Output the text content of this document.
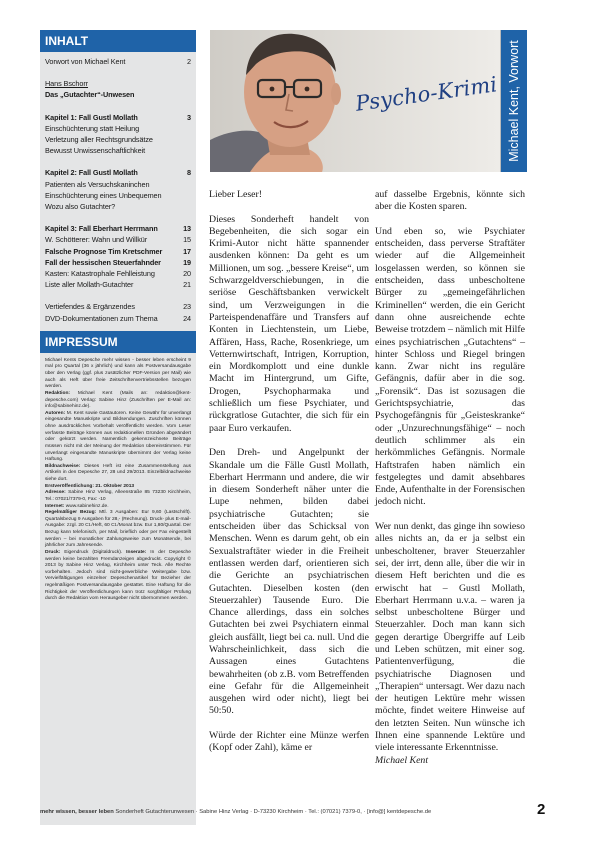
INHALT
Vorwort von Michael Kent	2
Hans Bschorr
Das „Gutachter“-Unwesen
Kapitel 1: Fall Gustl Mollath	3
Einschüchterung statt Heilung
Verletzung aller Rechtsgrundsätze
Bewusst Unwissenschaftlichkeit
Kapitel 2: Fall Gustl Mollath	8
Patienten als Versuchskaninchen
Einschüchterung eines Unbequemen
Wozu also Gutachter?
Kapitel 3: Fall Eberhart Herrmann	13
W. Schötterer: Wahn und Willkür	15
Falsche Prognose Tim Kretschmer	17
Fall der hessischen Steuerfahnder	19
Kasten: Katastrophale Fehlleistung	20
Liste aller Mollath-Gutachter	21
Vertiefendes & Ergänzendes	23
DVD-Dokumentationen zum Thema	24
IMPRESSUM

Michael Kents Depesche mehr wissen - besser leben erscheint 9 mal pro Quartal (36 x jährlich) und kann als Postversandausgabe über den Verlag (ggf. plus zusätzlicher PDF-Version per Mail) wie auch als Heft über freie Zeitschriftenvertriebsstellen bezogen werden.

Redaktion: Michael Kent (Mails an: redaktion@kent-depesche.com) Verlag: Sabine Hinz (Zuschriften per E-Mail an: info@sabinehinz.de).

Autoren: M. Kent sowie Gastautoren. Keine Gewähr für unverlangt eingesandte Manuskripte und Bildsendungen. Zuschriften können ohne ausdrückliches Vorbehalt veröffentlicht werden. Vom Leser verfasste Beiträge können aus redaktionellen Gründen abgeändert oder gekürzt werden. Namentlich gekennzeichnete Beiträge müssen nicht mit der Meinung der Redaktion übereinstimmen. Für unverlangt eingesandte Manuskripte übernimmt der Verlag keine Haftung.

Bildnachweise: Dieses Heft ist eine Zusammenstellung aus Artikeln in den Depesche 27, 28 und 29/2013. Einzelbildnachweise siehe dort.

Erstveröffentlichung: 21. Oktober 2013

Adresse: Sabine Hinz Verlag, Alleenstraße 85 73230 Kirchheim, Tel.: 07021/7379-0, Fax: -10

Internet: www.sabinehinz.de.

Regelmäßiger Bezug: Mtl. 3 Ausgaben: Eur 9,60 (Lastschrift). Quartalsbezug 9 Ausgaben für 28,- (Rechnung). Druck- plus E-mail-Ausgabe: zzgl. 20 Ct./Heft, 60 Ct./Monat bzw. Eur 1,80/Quartal. Der Bezug kann telefonisch, per Mail, brieflich oder per Fax eingestellt werden – bei monatlicher Zahlungsweise zum Monatsende, bei jährlicher zum Jahresende.

Druck: Eigendruck (Digitaldruck). Inserate: In der Depesche werden keine bezahlten Fremdanzeigen abgedruckt. Copyright © 2013 by Sabine Hinz Verlag, Kirchheim unter Teck. Alle Rechte vorbehalten. Jedoch sind nicht-gewerbliche Weitergabe bzw. Vervielfältigungen einzelner Depeschenartikel für Bezieher der regelmäßigen Postversandausgabe gestattet. Eine Haftung für die Richtigkeit der Veröffentlichungen kann trotz sorgfältiger Prüfung durch die Redaktion vom Herausgeber nicht übernommen werden.

Psycho-Krimi Michael Kent, Vorwort

Lieber Leser!

Dieses Sonderheft handelt von Begebenheiten, die sich sogar ein Krimi-Autor nicht hätte spannender ausdenken können: Da geht es um Millionen, um sog. „bessere Kreise“, um Schwarzgeldverschiebungen, in die seriöse Geschäftsbanken verwickelt sind, um Verzweigungen in die Parteispendenaffäre und Transfers auf Konten in Liechtenstein, um Liebe, Affären, Hass, Rache, Rosenkriege, um Vetternwirtschaft, Intrigen, Korruption, ein Mordkomplott und eine dunkle Macht im Hintergrund, um Gifte, Drogen, Psychopharmaka und schließlich um fiese Psychiater, und rückgratlose Gutachter, die sich für ein paar Euro verkaufen.

Den Dreh- und Angelpunkt der Skandale um die Fälle Gustl Mollath, Eberhart Herrmann und andere, die wir in diesem Sonderheft näher unter die Lupe nehmen, bilden dabei psychiatrische Gutachten; sie entscheiden über das Schicksal von Menschen. Wenn es darum geht, ob ein Sexualstraftäter wieder in die Freiheit entlassen werden darf, orientieren sich die Gerichte an psychiatrischen Gutachten. Dieselben kosten (den Steuerzahler) Tausende Euro. Die Chance allerdings, dass ein solches Gutachten bei zwei Psychiatern einmal gleich ausfällt, liegt bei ca. null. Und die Wahrscheinlichkeit, dass sich die Aussagen eines Gutachtens bewahrheiten (ob z.B. vom Betreffenden eine Gefahr für die Allgemeinheit ausgehen wird oder nicht), liegt bei 50:50.

Würde der Richter eine Münze werfen (Kopf oder Zahl), käme er

auf dasselbe Ergebnis, könnte sich aber die Kosten sparen.

Und eben so, wie Psychiater entscheiden, dass perverse Straftäter wieder auf die Allgemeinheit losgelassen werden, so können sie entscheiden, dass unbescholtene Bürger zu „gemeingefährlichen Kriminellen“ werden, die ein Gericht dann ohne ausreichende echte Beweise trotzdem – nämlich mit Hilfe eines psychiatrischen „Gutachtens“ – hinter Schloss und Riegel bringen kann. Zwar nicht ins reguläre Gefängnis, dafür aber in die sog. „Forensik“. Das ist sozusagen die Gerichtspsychiatrie, das Psychogefängnis für „Geisteskranke“ oder „Unzurechnungsfähige“ – noch deutlich schlimmer als ein herkömmliches Gefängnis. Normale Haftstrafen haben nämlich ein festgelegtes und damit absehbares Ende, Aufenthalte in der Forensischen jedoch nicht.

Wer nun denkt, das ginge ihn sowieso alles nichts an, da er ja selbst ein unbescholtener, braver Steuerzahler sei, der irrt, denn alle, über die wir in diesem Heft berichten und die es erwischt hat – Gustl Mollath, Eberhart Herrmann u.v.a. – waren ja selbst unbescholtene Bürger und Steuerzahler. Doch man kann sich gegen derartige Übergriffe auf Leib und Leben schützen, mit einer sog. Patientenverfügung, die psychiatrische Diagnosen und „Therapien“ untersagt. Wer dazu nach der heutigen Lektüre mehr wissen möchte, findet weitere Hinweise auf den letzten Seiten. Nun wünsche ich Ihnen eine spannende Lektüre und viele interessante Erkenntnisse.

Michael Kent

mehr wissen, besser leben Sonderheft Gutachterunwesen · Sabine Hinz Verlag · D-73230 Kirchheim · Tel.: (07021) 7379-0, · [info@] kentdepesche.de	2
